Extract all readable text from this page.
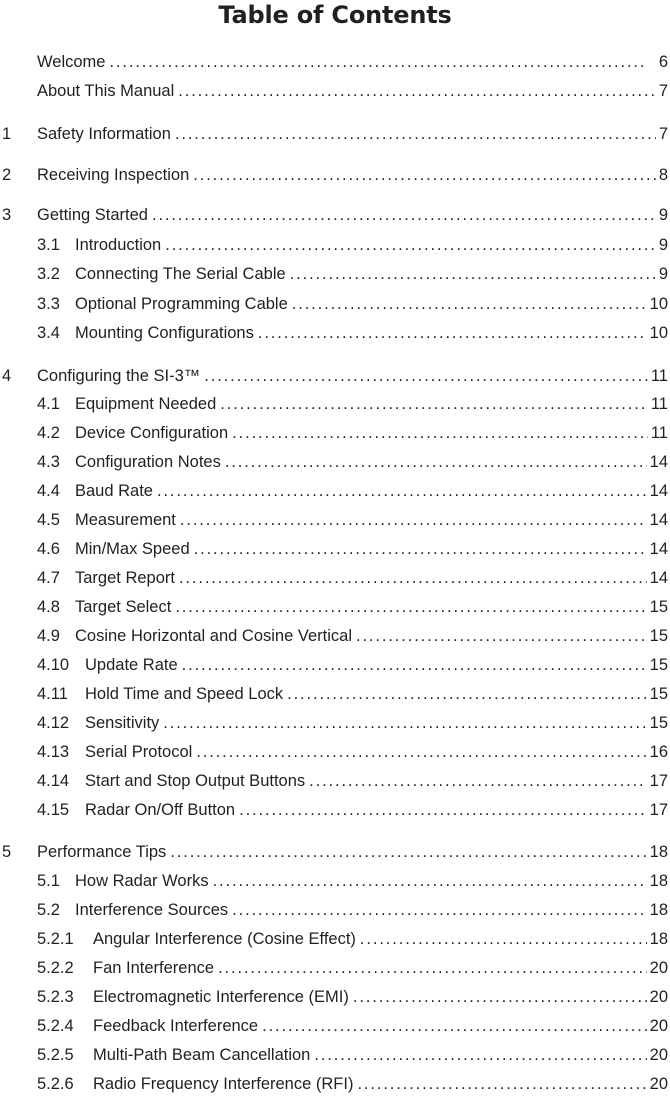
Table of Contents
Welcome . . .	6
About This Manual . . .	7
1 Safety Information . . .	7
2 Receiving Inspection . . .	8
3 Getting Started . . .	9
3.1 Introduction . . .	9
3.2 Connecting The Serial Cable . . .	9
3.3 Optional Programming Cable . . .	10
3.4 Mounting Configurations . . .	10
4 Configuring the SI-3™ . . .	11
4.1 Equipment Needed . . .	11
4.2 Device Configuration . . .	11
4.3 Configuration Notes . . .	14
4.4 Baud Rate . . .	14
4.5 Measurement . . .	14
4.6 Min/Max Speed . . .	14
4.7 Target Report . . .	14
4.8 Target Select . . .	15
4.9 Cosine Horizontal and Cosine Vertical . . .	15
4.10 Update Rate . . .	15
4.11 Hold Time and Speed Lock . . .	15
4.12 Sensitivity . . .	15
4.13 Serial Protocol . . .	16
4.14 Start and Stop Output Buttons . . .	17
4.15 Radar On/Off Button . . .	17
5 Performance Tips . . .	18
5.1 How Radar Works . . .	18
5.2 Interference Sources . . .	18
5.2.1 Angular Interference (Cosine Effect) . . .	18
5.2.2 Fan Interference . . .	20
5.2.3 Electromagnetic Interference (EMI) . . .	20
5.2.4 Feedback Interference . . .	20
5.2.5 Multi-Path Beam Cancellation . . .	20
5.2.6 Radio Frequency Interference (RFI) . . .	20
